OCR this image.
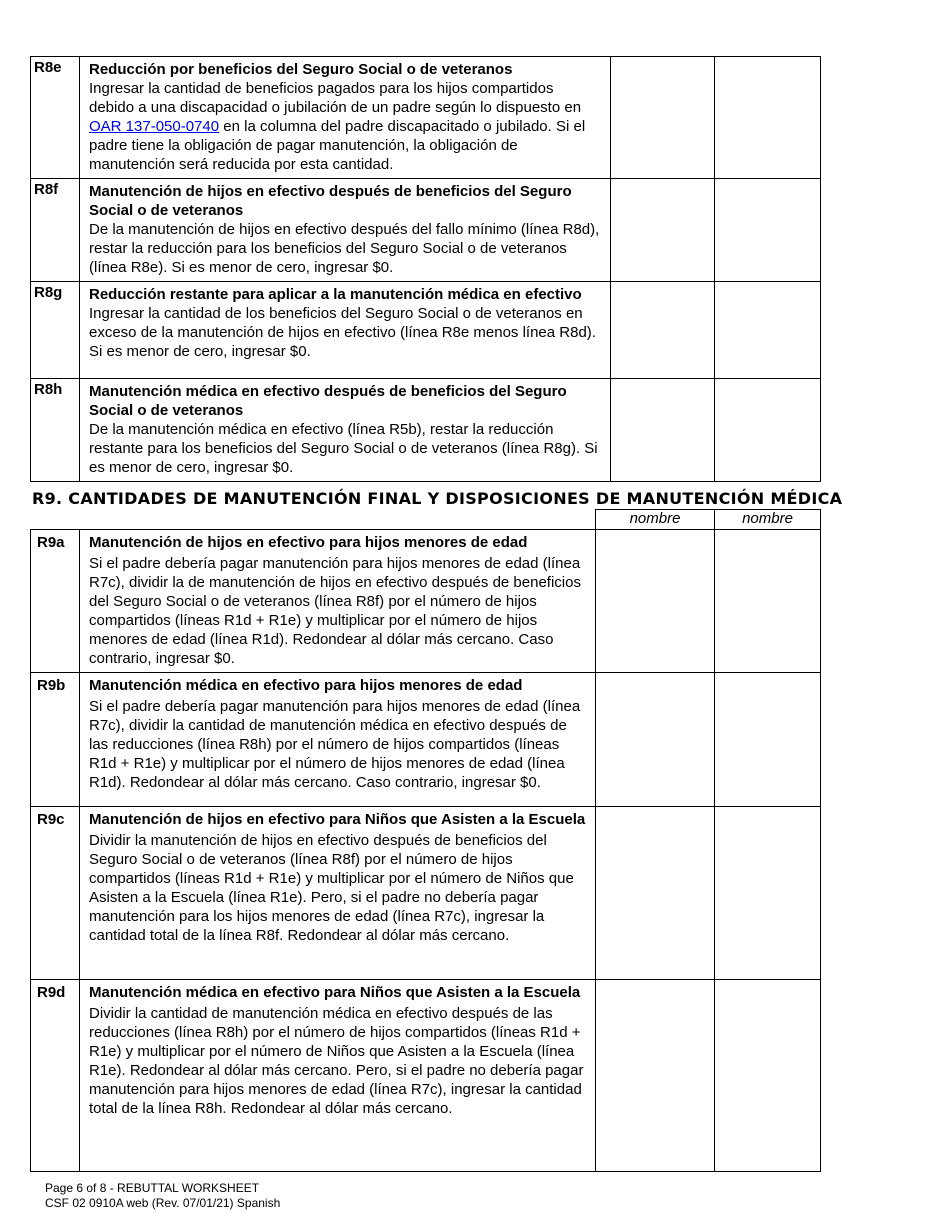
R8e	Reducción por beneficios del Seguro Social o de veteranos
Ingresar la cantidad de beneficios pagados para los hijos compartidos debido a una discapacidad o jubilación de un padre según lo dispuesto en OAR 137-050-0740 en la columna del padre discapacitado o jubilado. Si el padre tiene la obligación de pagar manutención, la obligación de manutención será reducida por esta cantidad.		

R8f	Manutención de hijos en efectivo después de beneficios del Seguro Social o de veteranos
De la manutención de hijos en efectivo después del fallo mínimo (línea R8d), restar la reducción para los beneficios del Seguro Social o de veteranos (línea R8e). Si es menor de cero, ingresar $0.		

R8g	Reducción restante para aplicar a la manutención médica en efectivo
Ingresar la cantidad de los beneficios del Seguro Social o de veteranos en exceso de la manutención de hijos en efectivo (línea R8e menos línea R8d). Si es menor de cero, ingresar $0.		

R8h	Manutención médica en efectivo después de beneficios del Seguro Social o de veteranos
De la manutención médica en efectivo (línea R5b), restar la reducción restante para los beneficios del Seguro Social o de veteranos (línea R8g). Si es menor de cero, ingresar $0.		

R9. CANTIDADES DE MANUTENCIÓN FINAL Y DISPOSICIONES DE MANUTENCIÓN MÉDICA
		nombre	nombre
R9a	Manutención de hijos en efectivo para hijos menores de edad
Si el padre debería pagar manutención para hijos menores de edad (línea R7c), dividir la de manutención de hijos en efectivo después de beneficios del Seguro Social o de veteranos (línea R8f) por el número de hijos compartidos (líneas R1d + R1e) y multiplicar por el número de hijos menores de edad (línea R1d). Redondear al dólar más cercano. Caso contrario, ingresar $0.		

R9b	Manutención médica en efectivo para hijos menores de edad
Si el padre debería pagar manutención para hijos menores de edad (línea R7c), dividir la cantidad de manutención médica en efectivo después de las reducciones (línea R8h) por el número de hijos compartidos (líneas R1d + R1e) y multiplicar por el número de hijos menores de edad (línea R1d). Redondear al dólar más cercano. Caso contrario, ingresar $0.		

R9c	Manutención de hijos en efectivo para Niños que Asisten a la Escuela
Dividir la manutención de hijos en efectivo después de beneficios del Seguro Social o de veteranos (línea R8f) por el número de hijos compartidos (líneas R1d + R1e) y multiplicar por el número de Niños que Asisten a la Escuela (línea R1e). Pero, si el padre no debería pagar manutención para los hijos menores de edad (línea R7c), ingresar la cantidad total de la línea R8f. Redondear al dólar más cercano.		

R9d	Manutención médica en efectivo para Niños que Asisten a la Escuela
Dividir la cantidad de manutención médica en efectivo después de las reducciones (línea R8h) por el número de hijos compartidos (líneas R1d + R1e) y multiplicar por el número de Niños que Asisten a la Escuela (línea R1e). Redondear al dólar más cercano. Pero, si el padre no debería pagar manutención para hijos menores de edad (línea R7c), ingresar la cantidad total de la línea R8h. Redondear al dólar más cercano.		

Page 6 of 8 - REBUTTAL WORKSHEET
CSF 02 0910A web (Rev. 07/01/21) Spanish
